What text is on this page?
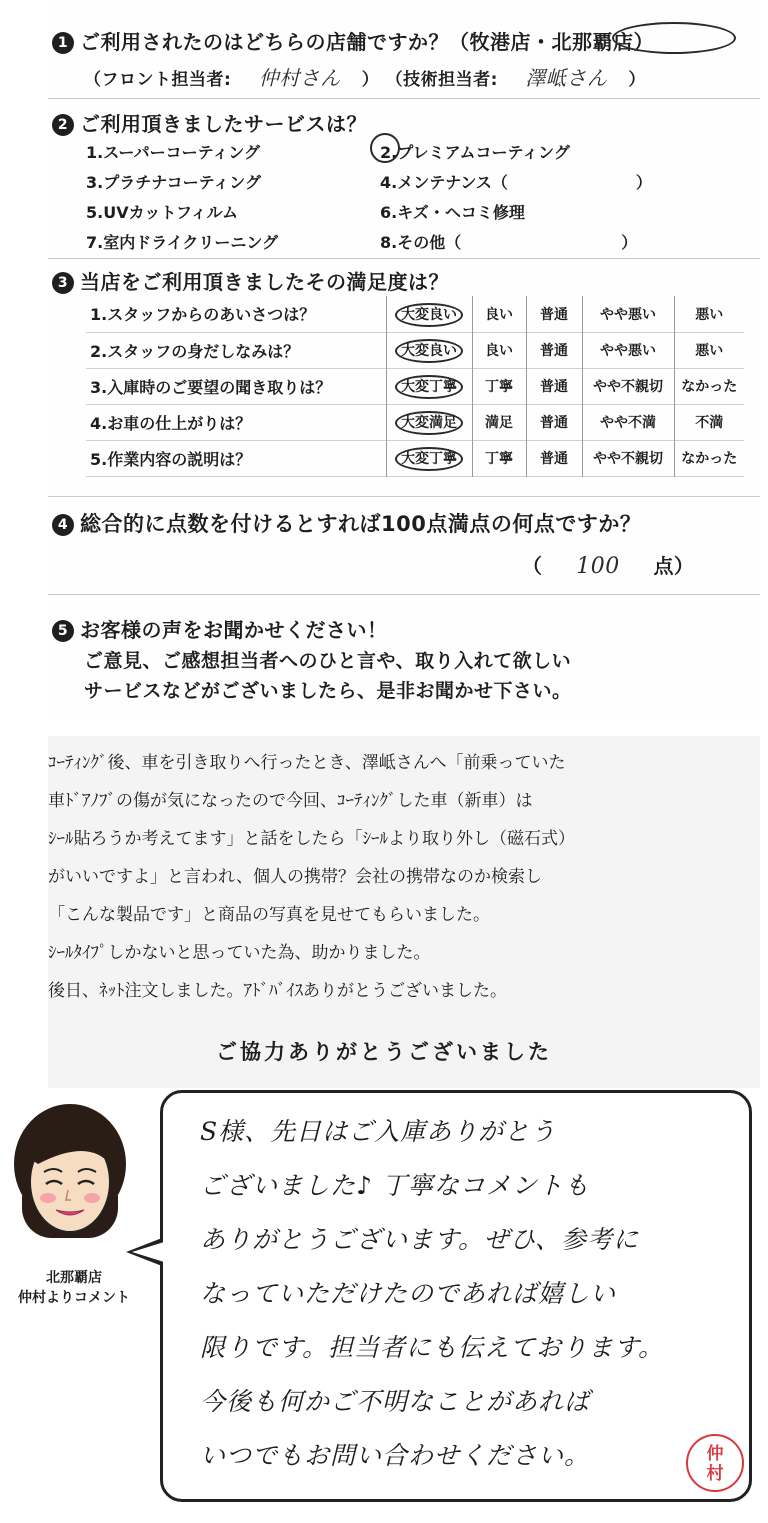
1 ご利用されたのはどちらの店舗ですか？（牧港店・北那覇店）
（フロント担当者: 仲村さん ） （技術担当者: 澤岻さん ）
2 ご利用頂きましたサービスは？
1.スーパーコーティング	2.プレミアムコーティング
3.プラチナコーティング	4.メンテナンス（　　　　　　　　）
5.UVカットフィルム	6.キズ・ヘコミ修理
7.室内ドライクリーニング	8.その他（　　　　　　　　　　）
3 当店をご利用頂きましたその満足度は？
1.スタッフからのあいさつは？	大変良い	良い	普通	やや悪い	悪い
2.スタッフの身だしなみは？	大変良い	良い	普通	やや悪い	悪い
3.入庫時のご要望の聞き取りは？	大変丁寧	丁寧	普通	やや不親切	なかった
4.お車の仕上がりは？	大変満足	満足	普通	やや不満	不満
5.作業内容の説明は？	大変丁寧	丁寧	普通	やや不親切	なかった
4 総合的に点数を付けるとすれば100点満点の何点ですか？
（ 100 点）
5 お客様の声をお聞かせください！
ご意見、ご感想担当者へのひと言や、取り入れて欲しい
サービスなどがございましたら、是非お聞かせ下さい。
ｺｰﾃｨﾝｸﾞ後、車を引き取りへ行ったとき、澤岻さんへ「前乗っていた
車ﾄﾞｱﾉﾌﾞの傷が気になったので今回、ｺｰﾃｨﾝｸﾞした車（新車）は
ｼｰﾙ貼ろうか考えてます」と話をしたら「ｼｰﾙより取り外し（磁石式）
がいいですよ」と言われ、個人の携帯？会社の携帯なのか検索し
「こんな製品です」と商品の写真を見せてもらいました。
ｼｰﾙﾀｲﾌﾟしかないと思っていた為、助かりました。
後日、ﾈｯﾄ注文しました。ｱﾄﾞﾊﾞｲｽありがとうございました。
ご協力ありがとうございました
北那覇店
仲村よりコメント
S様、先日はご入庫ありがとう
ございました♪ 丁寧なコメントも
ありがとうございます。ぜひ、参考に
なっていただけたのであれば嬉しい
限りです。担当者にも伝えております。
今後も何かご不明なことがあれば
いつでもお問い合わせください。	仲
村
